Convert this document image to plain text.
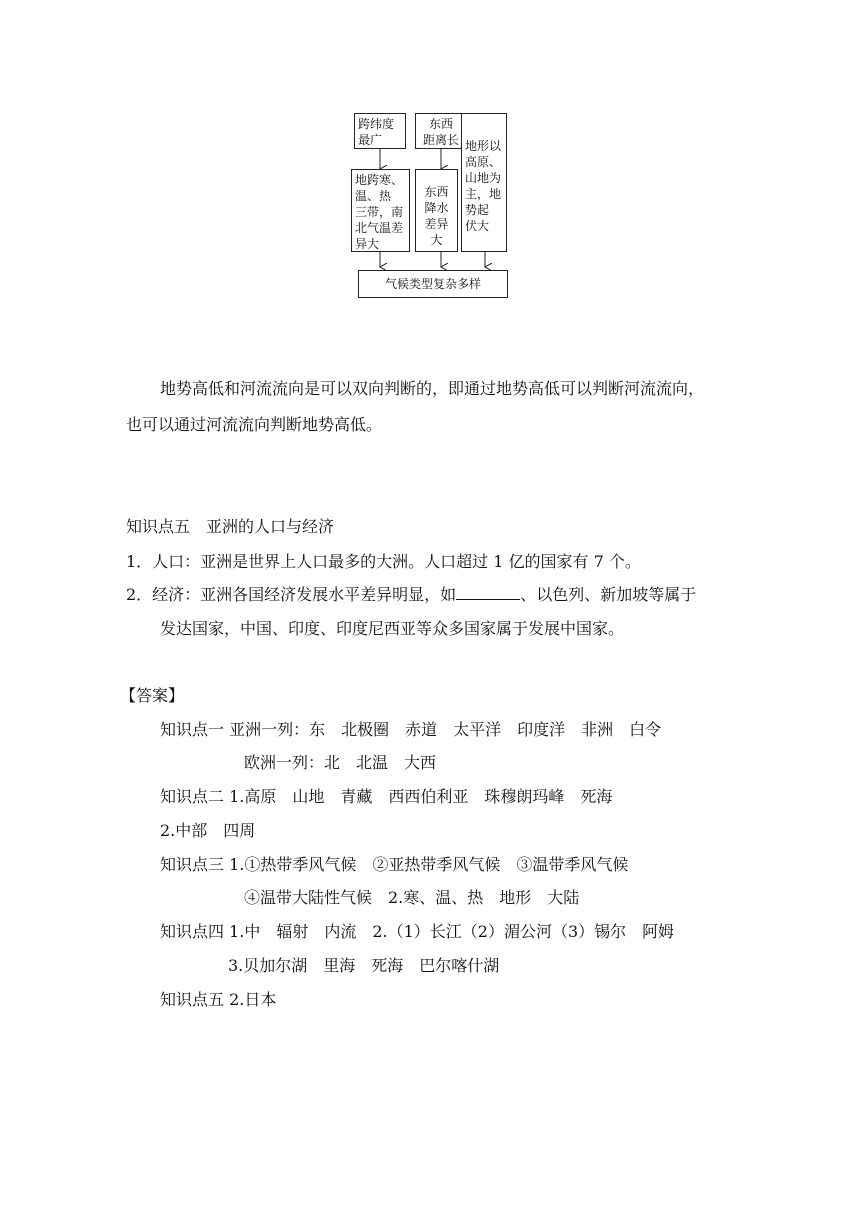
跨纬度
最广
东西
距离长 地形以
高原、
山地为
主，地
势起
伏大
地跨寒、
温、热
三带，南
北气温差
异大
东西
降水
差异大
气候类型复杂多样
地势高低和河流流向是可以双向判断的，即通过地势高低可以判断河流流向，
也可以通过河流流向判断地势高低。
知识点五　亚洲的人口与经济
1．人口：亚洲是世界上人口最多的大洲。人口超过 1 亿的国家有 7 个。
2．经济：亚洲各国经济发展水平差异明显，如	、以色列、新加坡等属于
发达国家，中国、印度、印度尼西亚等众多国家属于发展中国家。
【答案】
知识点一 亚洲一列：东　北极圈　赤道　太平洋　印度洋　非洲　白令
欧洲一列：北　北温　大西
知识点二 1.高原　山地　青藏　西西伯利亚　珠穆朗玛峰　死海
2.中部　四周
知识点三 1.①热带季风气候　②亚热带季风气候　③温带季风气候
④温带大陆性气候　2.寒、温、热　地形　大陆
知识点四 1.中　辐射　内流　2.（1）长江（2）湄公河（3）锡尔　阿姆
3.贝加尔湖　里海　死海　巴尔喀什湖
知识点五 2.日本
